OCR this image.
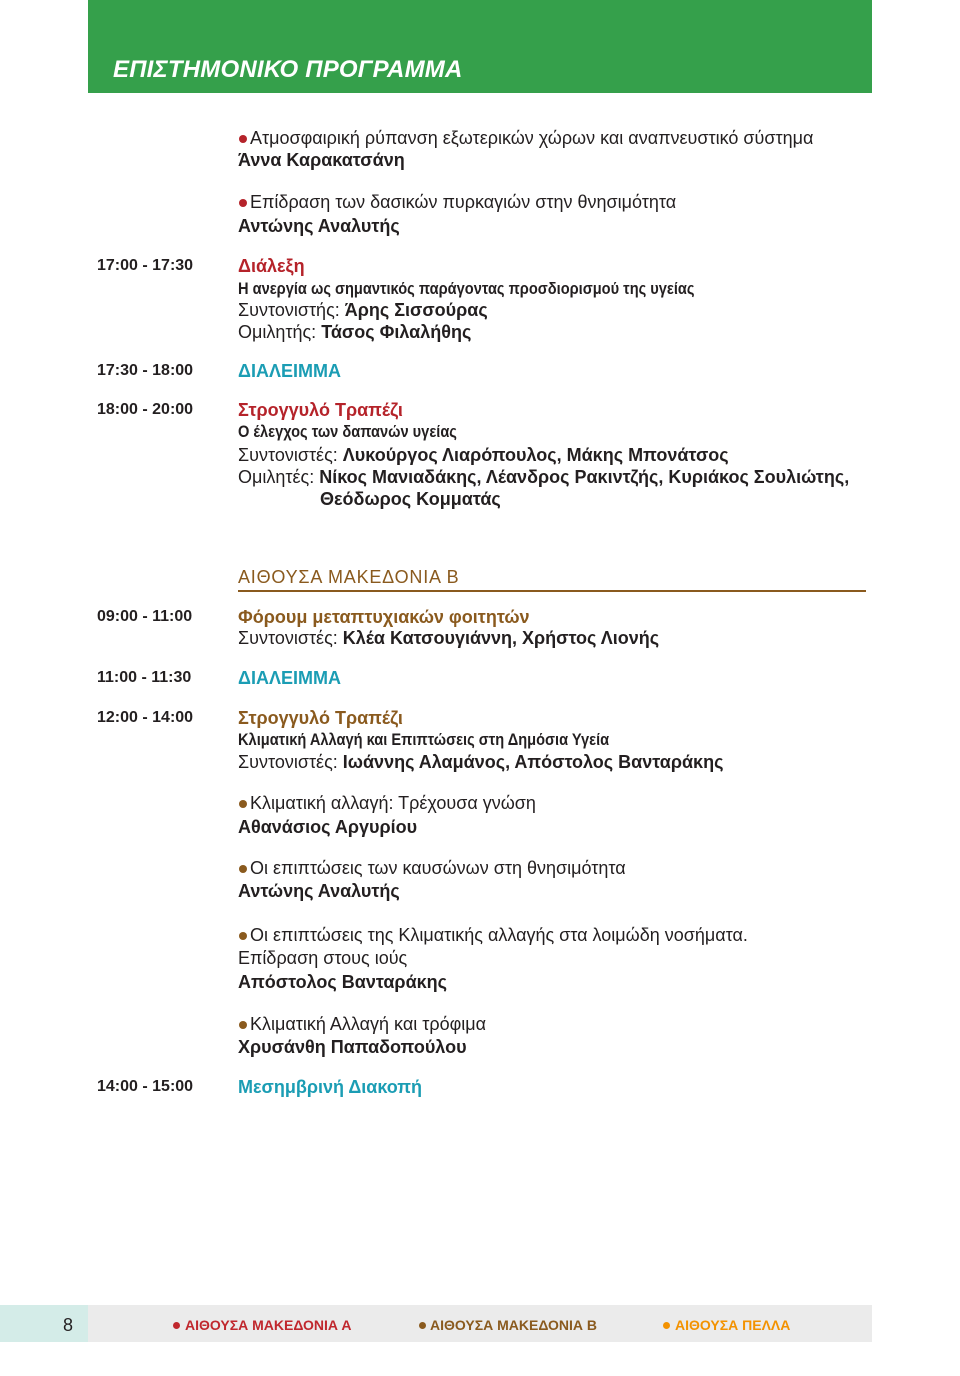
ΕΠΙΣΤΗΜΟΝΙΚΟ ΠΡΟΓΡΑΜΜΑ
Ατμοσφαιρική ρύπανση εξωτερικών χώρων και αναπνευστικό σύστημα
Άννα Καρακατσάνη
Επίδραση των δασικών πυρκαγιών στην θνησιμότητα
Αντώνης Αναλυτής
17:00 - 17:30 Διάλεξη
Η ανεργία ως σημαντικός παράγοντας προσδιορισμού της υγείας
Συντονιστής: Άρης Σισσούρας
Ομιλητής: Τάσος Φιλαλήθης
17:30 - 18:00 ΔΙΑΛΕΙΜΜΑ
18:00 - 20:00 Στρογγυλό Τραπέζι
Ο έλεγχος των δαπανών υγείας
Συντονιστές: Λυκούργος Λιαρόπουλος, Μάκης Μπονάτσος
Ομιλητές: Νίκος Μανιαδάκης, Λέανδρος Ρακιντζής, Κυριάκος Σουλιώτης,
Θεόδωρος Κομματάς
ΑΙΘΟΥΣΑ ΜΑΚΕΔΟΝΙΑ Β
09:00 - 11:00	Φόρουμ μεταπτυχιακών φοιτητών
Συντονιστές: Κλέα Κατσουγιάννη, Χρήστος Λιονής
11:00 - 11:30	ΔΙΑΛΕΙΜΜΑ
12:00 - 14:00 Στρογγυλό Τραπέζι
Κλιματική Αλλαγή και Επιπτώσεις στη Δημόσια Υγεία
Συντονιστές: Ιωάννης Αλαμάνος, Απόστολος Βανταράκης
Κλιματική αλλαγή: Τρέχουσα γνώση
Αθανάσιος Αργυρίου
Οι επιπτώσεις των καυσώνων στη θνησιμότητα
Αντώνης Αναλυτής
Οι επιπτώσεις της Κλιματικής αλλαγής στα λοιμώδη νοσήματα.
Επίδραση στους ιούς
Απόστολος Βανταράκης
Κλιματική Αλλαγή και τρόφιμα
Χρυσάνθη Παπαδοπούλου
14:00 - 15:00 Μεσημβρινή Διακοπή
8	ΑΙΘΟΥΣΑ ΜΑΚΕΔΟΝΙΑ Α	ΑΙΘΟΥΣΑ ΜΑΚΕΔΟΝΙΑ Β	ΑΙΘΟΥΣΑ ΠΕΛΛΑ
